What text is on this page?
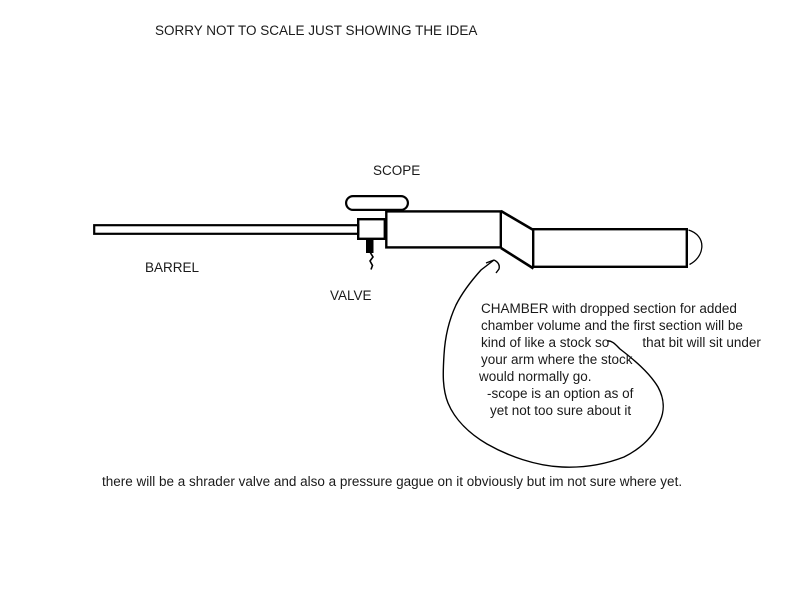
SORRY NOT TO SCALE JUST SHOWING THE IDEA
SCOPE
BARREL
VALVE
CHAMBER with dropped section for added
chamber volume and the first section will be
kind of like a stock so that bit will sit under
your arm where the stock
would normally go.
-scope is an option as of
yet not too sure about it
there will be a shrader valve and also a pressure gague on it obviously but im not sure where yet.
